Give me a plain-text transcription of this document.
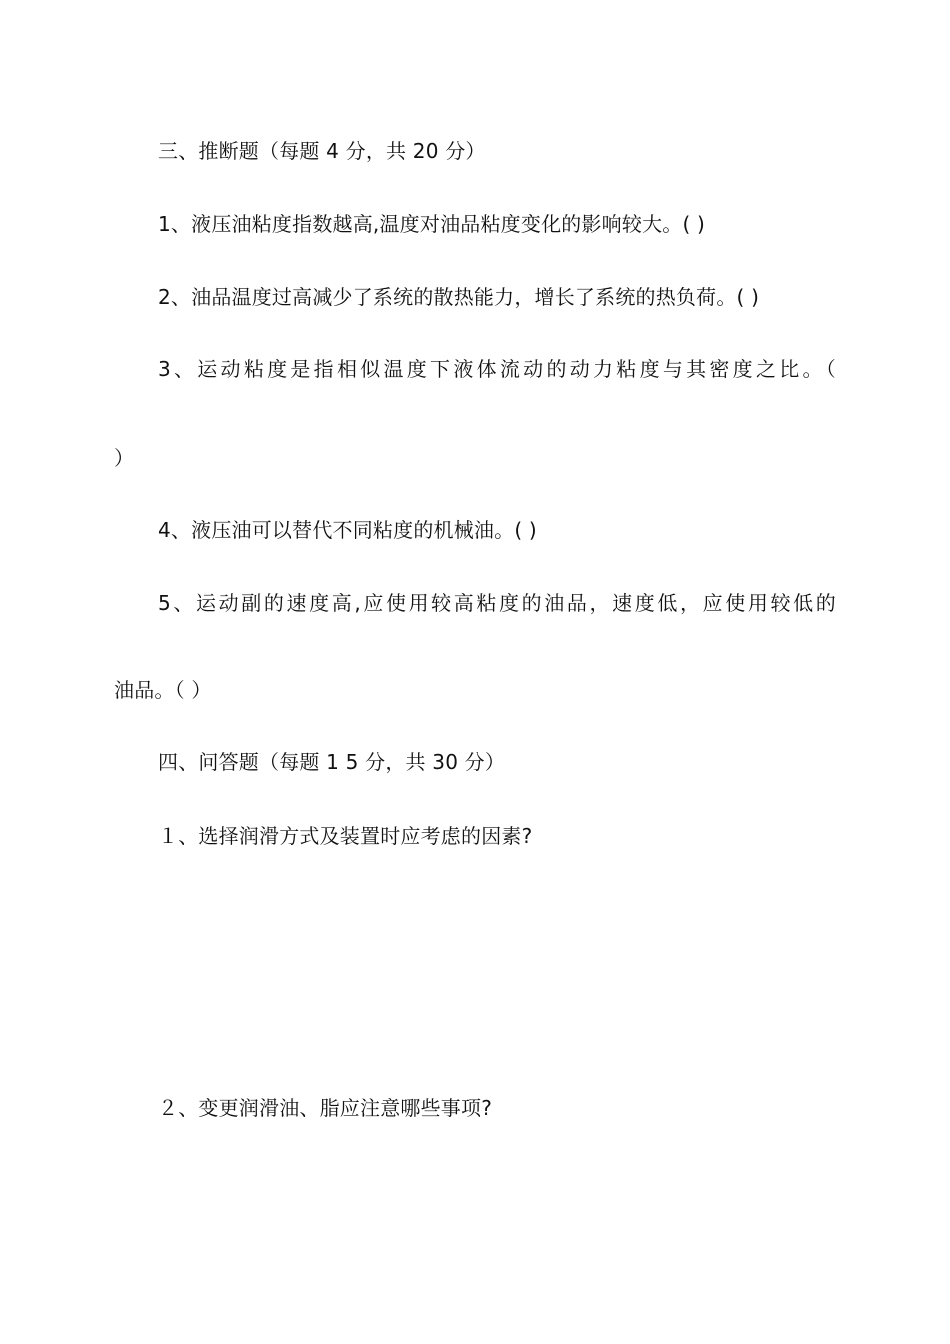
三、推断题（每题 4 分，共 20 分）
1、液压油粘度指数越高,温度对油品粘度变化的影响较大。( )
2、油品温度过高减少了系统的散热能力，增长了系统的热负荷。( )
3、运动粘度是指相似温度下液体流动的动力粘度与其密度之比。（
）
4、液压油可以替代不同粘度的机械油。( )
5、运动副的速度高,应使用较高粘度的油品，速度低，应使用较低的
油品。（ ）
四、问答题（每题 1 5 分，共 30 分）
１、选择润滑方式及装置时应考虑的因素?
２、变更润滑油、脂应注意哪些事项?
